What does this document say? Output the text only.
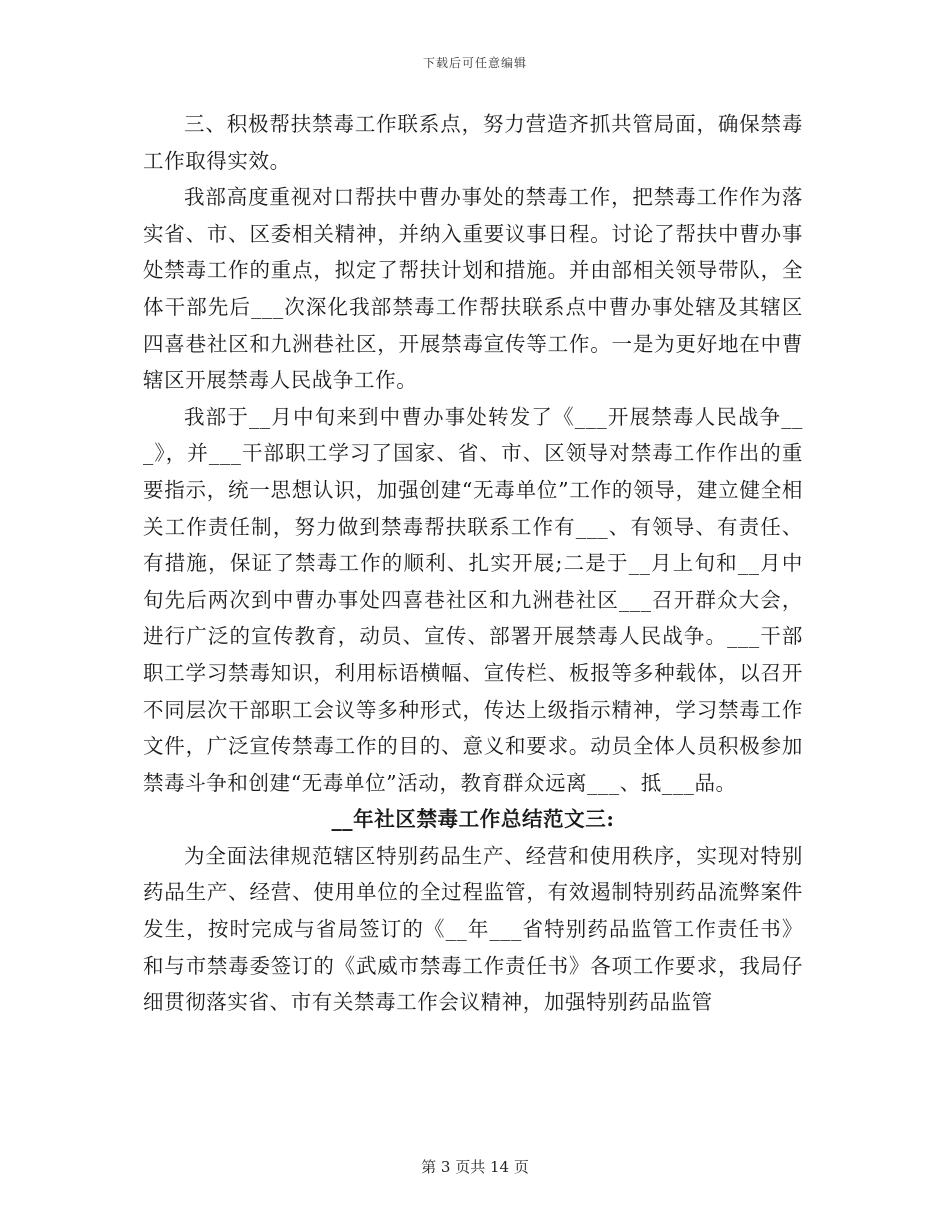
下载后可任意编辑

三、积极帮扶禁毒工作联系点，努力营造齐抓共管局面，确保禁毒工作取得实效。

我部高度重视对口帮扶中曹办事处的禁毒工作，把禁毒工作作为落实省、市、区委相关精神，并纳入重要议事日程。讨论了帮扶中曹办事处禁毒工作的重点，拟定了帮扶计划和措施。并由部相关领导带队，全体干部先后___次深化我部禁毒工作帮扶联系点中曹办事处辖及其辖区四喜巷社区和九洲巷社区，开展禁毒宣传等工作。一是为更好地在中曹辖区开展禁毒人民战争工作。

我部于__月中旬来到中曹办事处转发了《___开展禁毒人民战争___》，并___干部职工学习了国家、省、市、区领导对禁毒工作作出的重要指示，统一思想认识，加强创建“无毒单位”工作的领导，建立健全相关工作责任制，努力做到禁毒帮扶联系工作有___、有领导、有责任、有措施，保证了禁毒工作的顺利、扎实开展;二是于__月上旬和__月中旬先后两次到中曹办事处四喜巷社区和九洲巷社区___召开群众大会，进行广泛的宣传教育，动员、宣传、部署开展禁毒人民战争。___干部职工学习禁毒知识，利用标语横幅、宣传栏、板报等多种载体，以召开不同层次干部职工会议等多种形式，传达上级指示精神，学习禁毒工作文件，广泛宣传禁毒工作的目的、意义和要求。动员全体人员积极参加禁毒斗争和创建“无毒单位”活动，教育群众远离___、抵___品。

__年社区禁毒工作总结范文三:

为全面法律规范辖区特别药品生产、经营和使用秩序，实现对特别药品生产、经营、使用单位的全过程监管，有效遏制特别药品流弊案件发生，按时完成与省局签订的《__年___省特别药品监管工作责任书》和与市禁毒委签订的《武威市禁毒工作责任书》各项工作要求，我局仔细贯彻落实省、市有关禁毒工作会议精神，加强特别药品监管

第 3 页共 14 页
